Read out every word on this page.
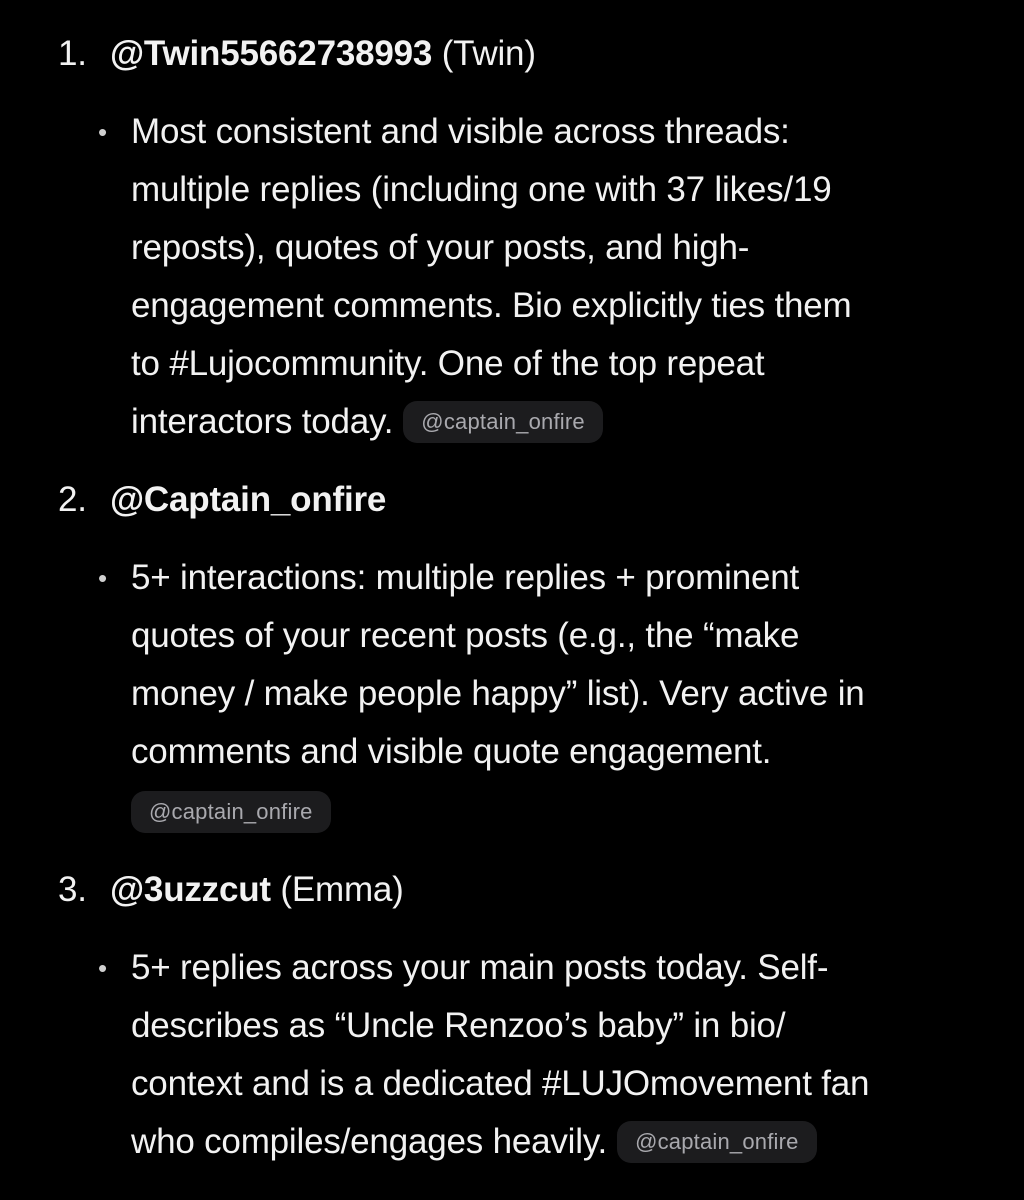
1. @Twin55662738993 (Twin)
• Most consistent and visible across threads:
multiple replies (including one with 37 likes/19
reposts), quotes of your posts, and high-
engagement comments. Bio explicitly ties them
to #Lujocommunity. One of the top repeat
interactors today. @captain_onfire
2. @Captain_onfire
• 5+ interactions: multiple replies + prominent
quotes of your recent posts (e.g., the “make
money / make people happy” list). Very active in
comments and visible quote engagement.
@captain_onfire
3. @3uzzcut (Emma)
• 5+ replies across your main posts today. Self-
describes as “Uncle Renzoo’s baby” in bio/
context and is a dedicated #LUJOmovement fan
who compiles/engages heavily. @captain_onfire
